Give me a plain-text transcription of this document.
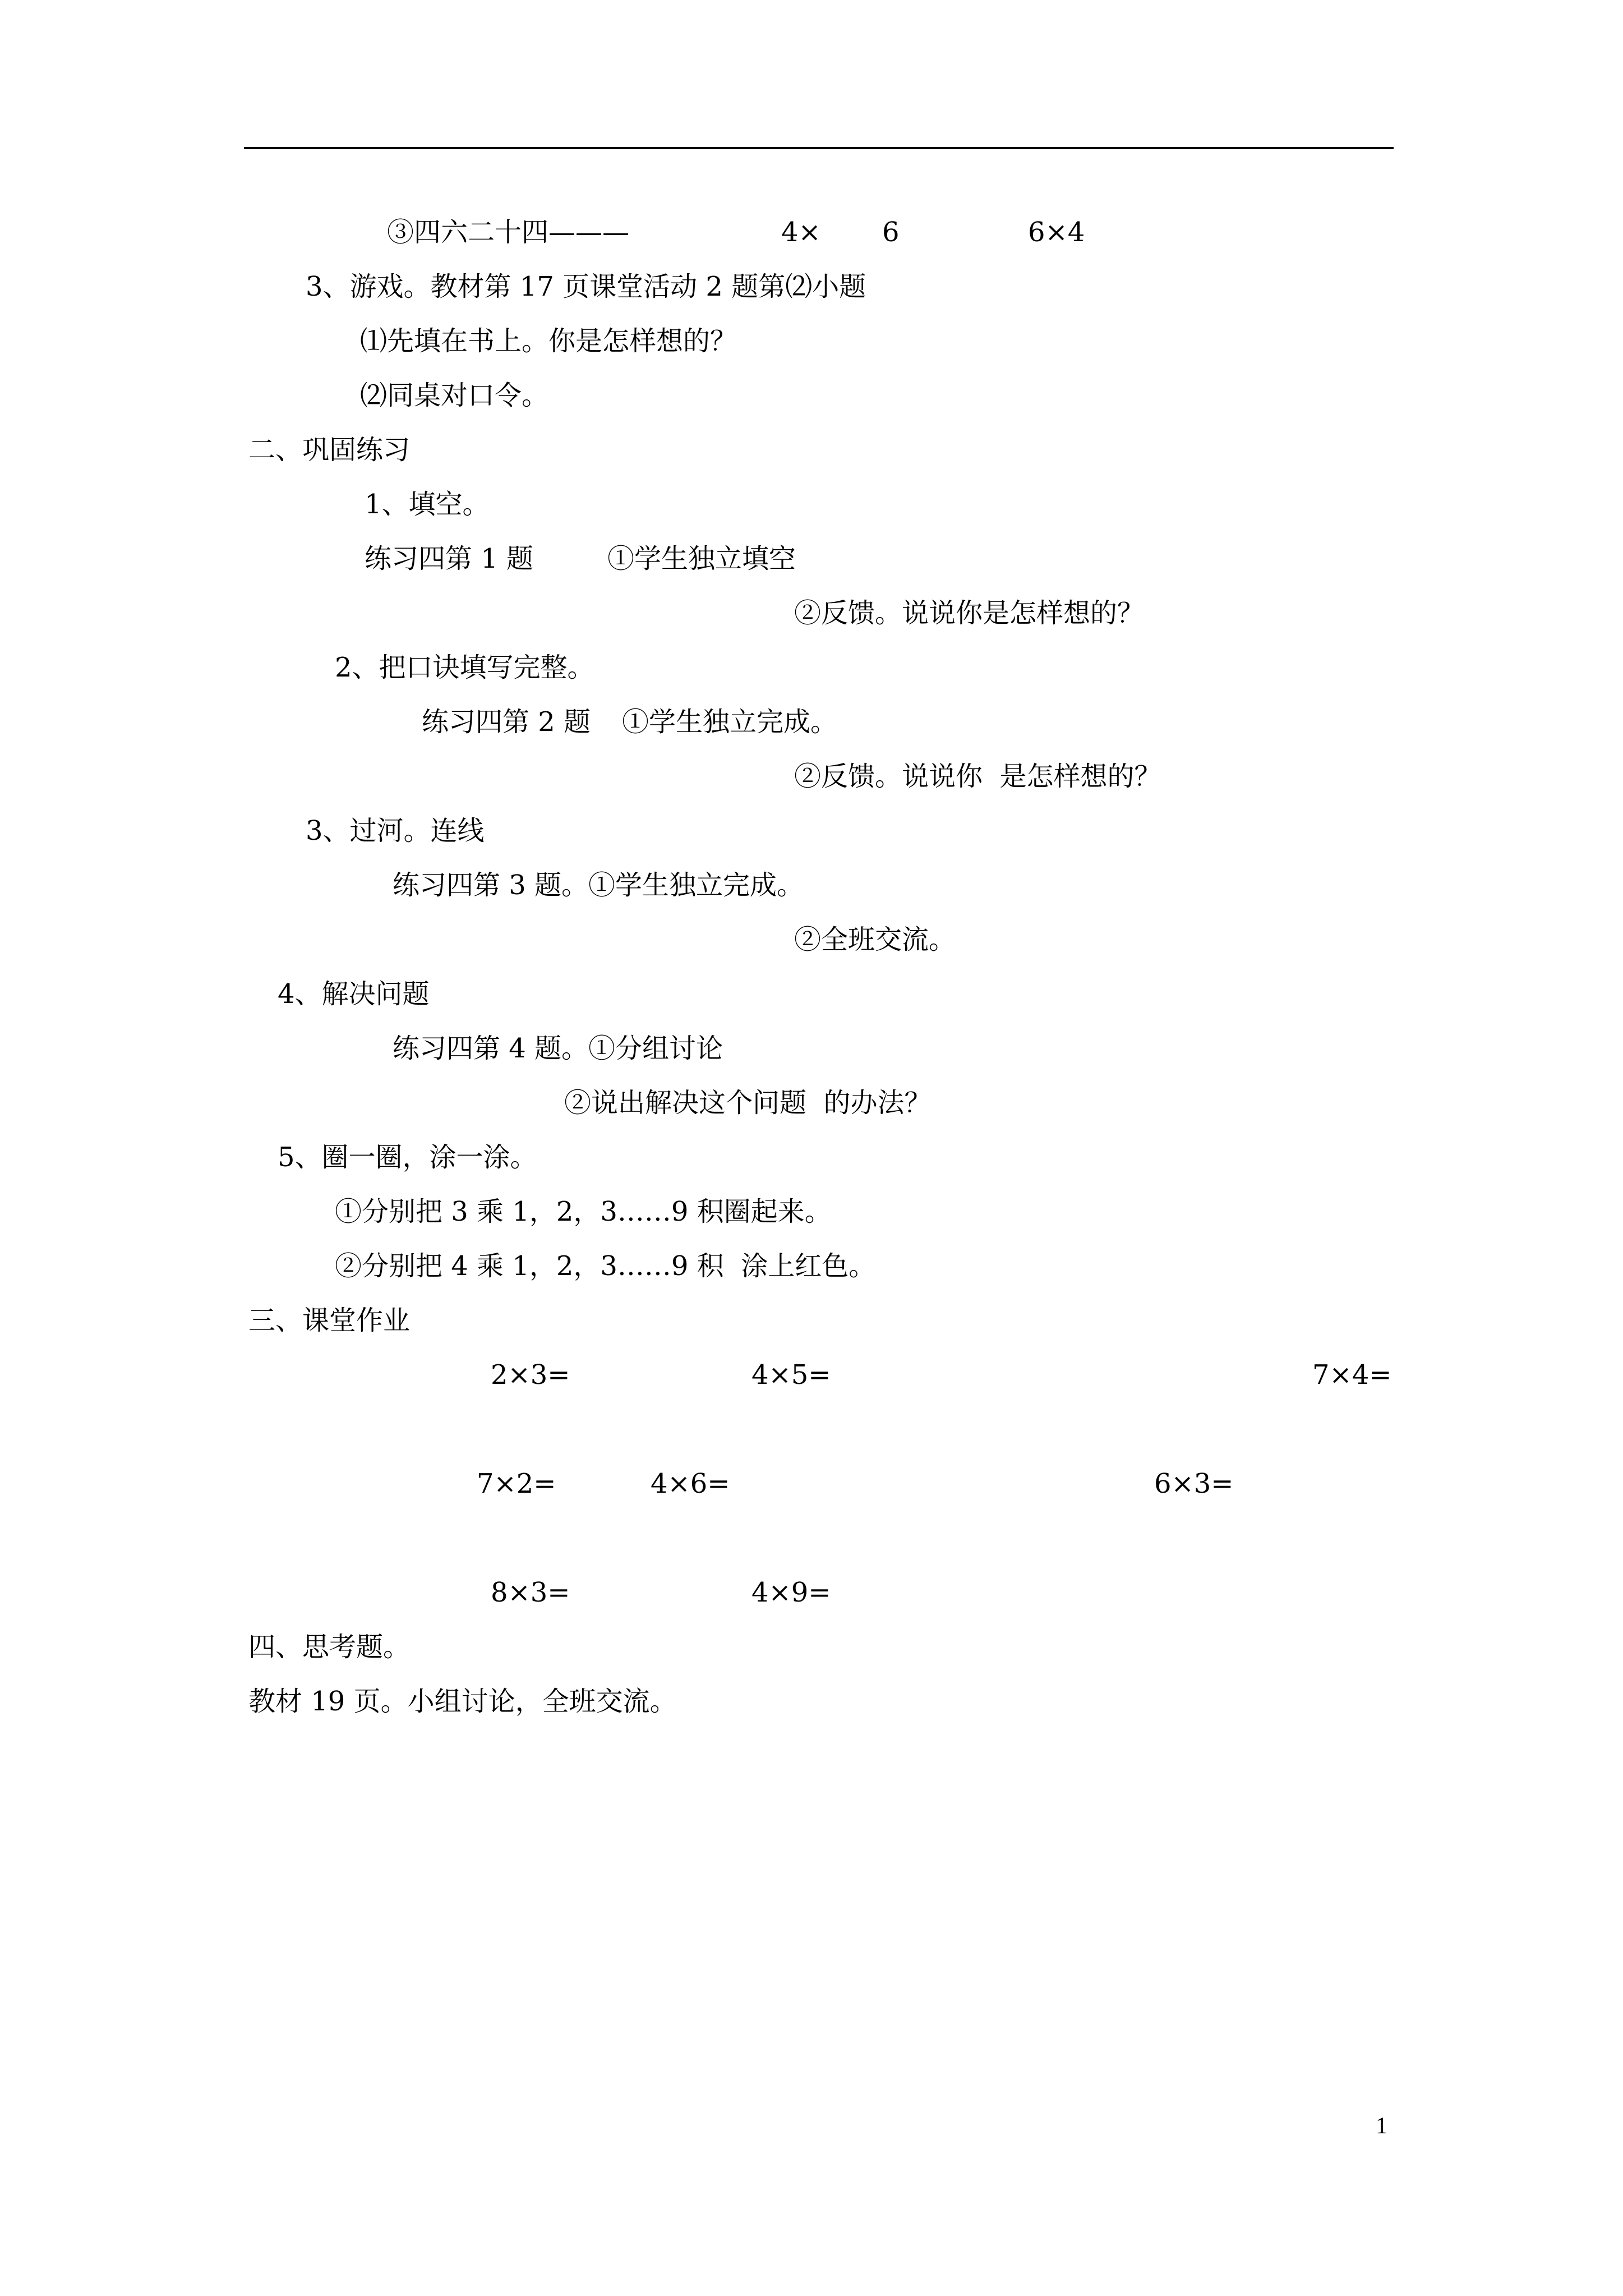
③四六二十四———	4× 6	6×4
3、游戏。教材第 17 页课堂活动 2 题第⑵小题
⑴先填在书上。你是怎样想的？
⑵同桌对口令。
二、巩固练习
1、填空。
练习四第 1 题	①学生独立填空
②反馈。说说你是怎样想的？
2、把口诀填写完整。
练习四第 2 题 ①学生独立完成。
②反馈。说说你  是怎样想的？
3、过河。连线
练习四第 3 题。①学生独立完成。
②全班交流。
4、解决问题
练习四第 4 题。①分组讨论
②说出解决这个问题  的办法？
5、圈一圈，涂一涂。
①分别把 3 乘 1，2，3……9 积圈起来。
②分别把 4 乘 1，2，3……9 积  涂上红色。
三、课堂作业
2×3=	4×5=	7×4=
7×2=	4×6=	6×3=
8×3=	4×9=
四、思考题。
教材 19 页。小组讨论，全班交流。
1
